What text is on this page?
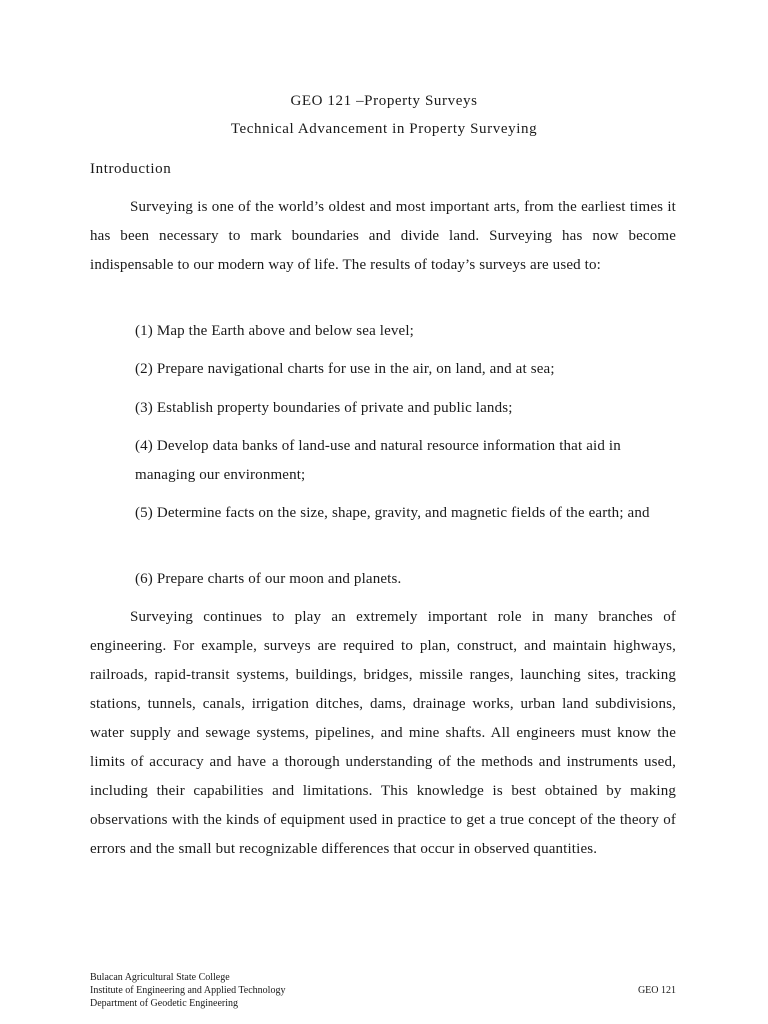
GEO 121 –Property Surveys
Technical Advancement in Property Surveying
Introduction

Surveying is one of the world’s oldest and most important arts, from the earliest times it has been necessary to mark boundaries and divide land. Surveying has now become indispensable to our modern way of life. The results of today’s surveys are used to:

(1) Map the Earth above and below sea level;

(2) Prepare navigational charts for use in the air, on land, and at sea;

(3) Establish property boundaries of private and public lands;

(4) Develop data banks of land-use and natural resource information that aid in managing our environment;

(5) Determine facts on the size, shape, gravity, and magnetic fields of the earth; and

(6) Prepare charts of our moon and planets.

Surveying continues to play an extremely important role in many branches of engineering. For example, surveys are required to plan, construct, and maintain highways, railroads, rapid-transit systems, buildings, bridges, missile ranges, launching sites, tracking stations, tunnels, canals, irrigation ditches, dams, drainage works, urban land subdivisions, water supply and sewage systems, pipelines, and mine shafts. All engineers must know the limits of accuracy and have a thorough understanding of the methods and instruments used, including their capabilities and limitations. This knowledge is best obtained by making observations with the kinds of equipment used in practice to get a true concept of the theory of errors and the small but recognizable differences that occur in observed quantities.

Bulacan Agricultural State College
Institute of Engineering and Applied Technology
Department of Geodetic Engineering
GEO 121
